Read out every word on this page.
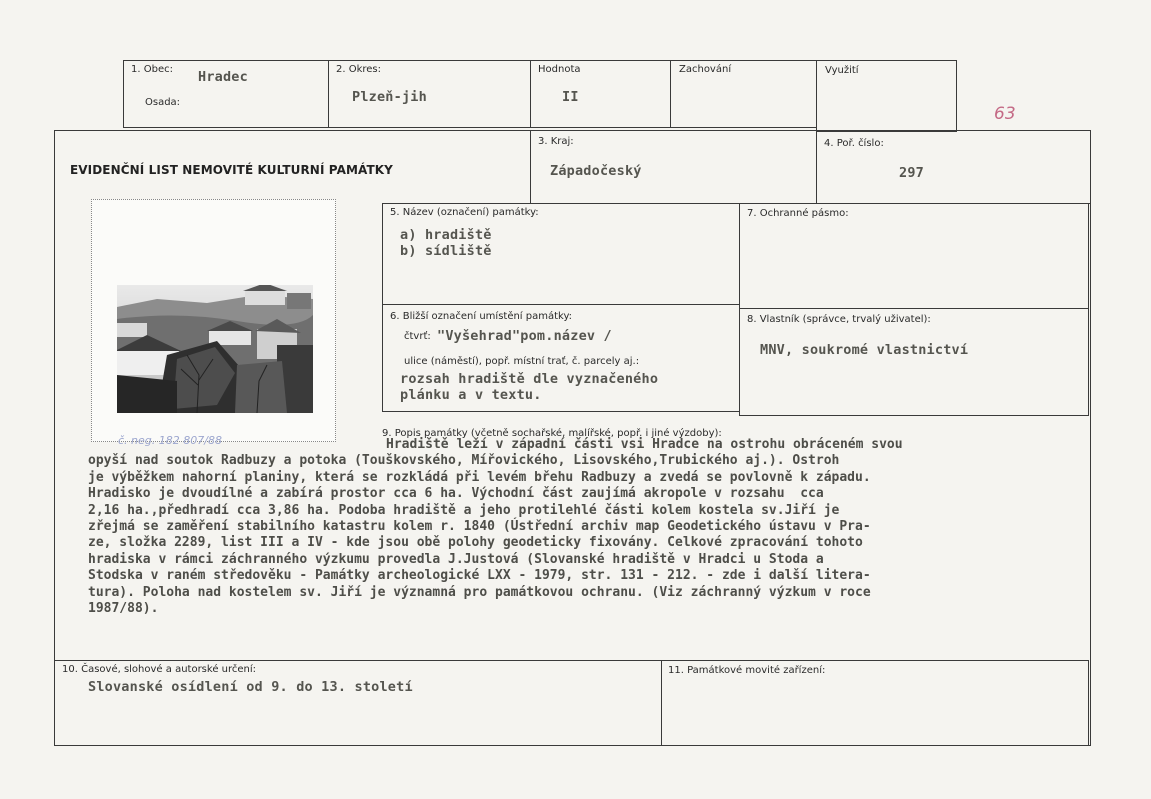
1. Obec: Hradec
Osada:
2. Okres:
Plzeň-jih
Hodnota
II
Zachování	Využití
63
3. Kraj:
Západočeský
4. Poř. číslo:
297
EVIDENČNÍ LIST NEMOVITÉ KULTURNÍ PAMÁTKY
č. neg. 182 807/88
5. Název (označení) památky:
a) hradiště
b) sídliště
7. Ochranné pásmo:
6. Bližší označení umístění památky:
čtvrť: "Vyšehrad"pom.název /
ulice (náměstí), popř. místní trať, č. parcely aj.:
rozsah hradiště dle vyznačeného
plánku a v textu.
8. Vlastník (správce, trvalý uživatel):
MNV, soukromé vlastnictví
9. Popis památky (včetně sochařské, malířské, popř. i jiné výzdoby):
Hradiště leží v západní části vsi Hradce na ostrohu obráceném svou
opyší nad soutok Radbuzy a potoka (Touškovského, Mířovického, Lisovského,Trubického aj.). Ostroh
je výběžkem nahorní planiny, která se rozkládá při levém břehu Radbuzy a zvedá se povlovně k západu.
Hradisko je dvoudílné a zabírá prostor cca 6 ha. Východní část zaujímá akropole v rozsahu  cca
2,16 ha.,předhradí cca 3,86 ha. Podoba hradiště a jeho protilehlé části kolem kostela sv.Jiří je
zřejmá se zaměření stabilního katastru kolem r. 1840 (Ústřední archiv map Geodetického ústavu v Pra-
ze, složka 2289, list III a IV - kde jsou obě polohy geodeticky fixovány. Celkové zpracování tohoto
hradiska v rámci záchranného výzkumu provedla J.Justová (Slovanské hradiště v Hradci u Stoda a
Stodska v raném středověku - Památky archeologické LXX - 1979, str. 131 - 212. - zde i další litera-
tura). Poloha nad kostelem sv. Jiří je významná pro památkovou ochranu. (Viz záchranný výzkum v roce
1987/88).
10. Časové, slohové a autorské určení:
Slovanské osídlení od 9. do 13. století
11. Památkové movité zařízení:
